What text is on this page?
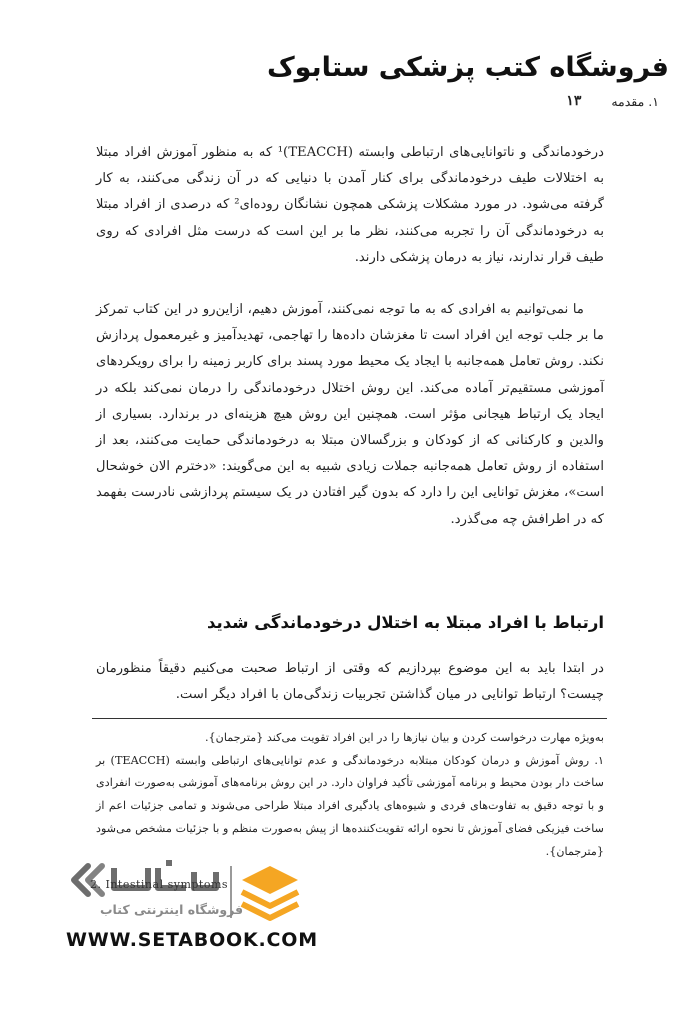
فروشگاه کتب پزشکی ستابوک
۱. مقدمه
۱۳

درخودماندگی و ناتوانایی‌های ارتباطی وابسته (TEACCH)¹ که به منظور آموزش افراد مبتلا به اختلالات طیف درخودماندگی برای کنار آمدن با دنیایی که در آن زندگی می‌کنند، به کار گرفته می‌شود. در مورد مشکلات پزشکی همچون نشانگان روده‌ای² که درصدی از افراد مبتلا به درخودماندگی آن را تجربه می‌کنند، نظر ما بر این است که درست مثل افرادی که روی طیف قرار ندارند، نیاز به درمان پزشکی دارند.

ما نمی‌توانیم به افرادی که به ما توجه نمی‌کنند، آموزش دهیم، ازاین‌رو در این کتاب تمرکز ما بر جلب توجه این افراد است تا مغزشان داده‌ها را تهاجمی، تهدیدآمیز و غیرمعمول پردازش نکند. روش تعامل همه‌جانبه با ایجاد یک محیط مورد پسند برای کاربر زمینه را برای رویکردهای آموزشی مستقیم‌تر آماده می‌کند. این روش اختلال درخودماندگی را درمان نمی‌کند بلکه در ایجاد یک ارتباط هیجانی مؤثر است. همچنین این روش هیچ هزینه‌ای در برندارد. بسیاری از والدین و کارکنانی که از کودکان و بزرگسالان مبتلا به درخودماندگی حمایت می‌کنند، بعد از استفاده از روش تعامل همه‌جانبه جملات زیادی شبیه به این می‌گویند: «دخترم الان خوشحال است»، مغزش توانایی این را دارد که بدون گیر افتادن در یک سیستم پردازشی نادرست بفهمد که در اطرافش چه می‌گذرد.

ارتباط با افراد مبتلا به اختلال درخودماندگی شدید

در ابتدا باید به این موضوع بپردازیم که وقتی از ارتباط صحبت می‌کنیم دقیقاً منظورمان چیست؟ ارتباط توانایی در میان گذاشتن تجربیات زندگی‌مان با افراد دیگر است.

به‌ویژه مهارت درخواست کردن و بیان نیازها را در این افراد تقویت می‌کند {مترجمان}.

۱. روش آموزش و درمان کودکان مبتلابه درخودماندگی و عدم توانایی‌های ارتباطی وابسته (TEACCH) بر ساخت دار بودن محیط و برنامه آموزشی تأکید فراوان دارد. در این روش برنامه‌های آموزشی به‌صورت انفرادی و با توجه دقیق به تفاوت‌های فردی و شیوه‌های یادگیری افراد مبتلا طراحی می‌شوند و تمامی جزئیات اعم از ساخت فیزیکی فضای آموزش تا نحوه ارائه تقویت‌کننده‌ها از پیش به‌صورت منظم و با جزئیات مشخص می‌شود {مترجمان}.

2. Intestinal symptoms
فروشگاه اینترنتی کتاب
WWW.SETABOOK.COM
